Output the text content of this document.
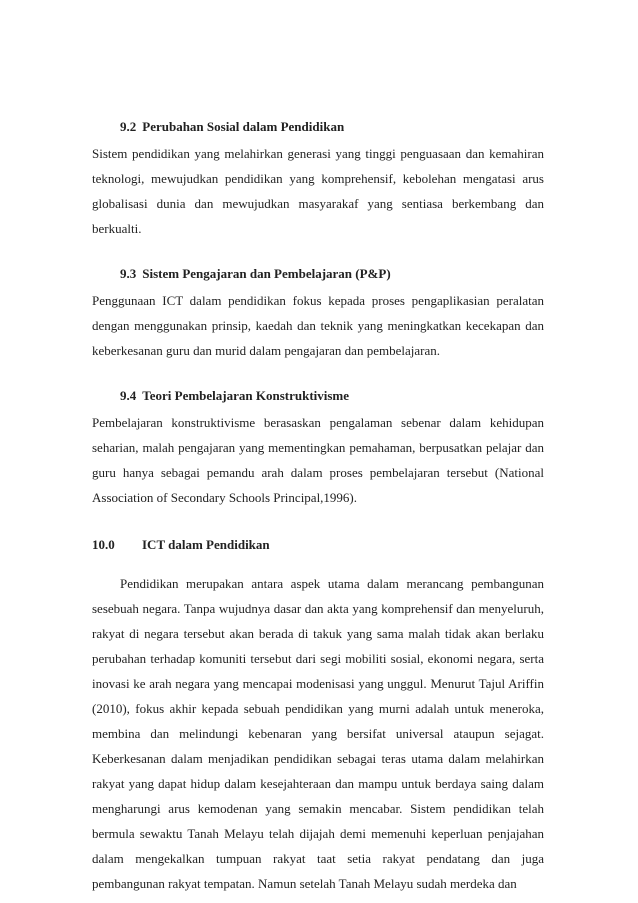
9.2 Perubahan Sosial dalam Pendidikan

Sistem pendidikan yang melahirkan generasi yang tinggi penguasaan dan kemahiran teknologi, mewujudkan pendidikan yang komprehensif, kebolehan mengatasi arus globalisasi dunia dan mewujudkan masyarakaf yang sentiasa berkembang dan berkualti.

9.3 Sistem Pengajaran dan Pembelajaran (P&P)

Penggunaan ICT dalam pendidikan fokus kepada proses pengaplikasian peralatan dengan menggunakan prinsip, kaedah dan teknik yang meningkatkan kecekapan dan keberkesanan guru dan murid dalam pengajaran dan pembelajaran.

9.4 Teori Pembelajaran Konstruktivisme

Pembelajaran konstruktivisme berasaskan pengalaman sebenar dalam kehidupan seharian, malah pengajaran yang mementingkan pemahaman, berpusatkan pelajar dan guru hanya sebagai pemandu arah dalam proses pembelajaran tersebut (National Association of Secondary Schools Principal,1996).

10.0 ICT dalam Pendidikan

Pendidikan merupakan antara aspek utama dalam merancang pembangunan sesebuah negara. Tanpa wujudnya dasar dan akta yang komprehensif dan menyeluruh, rakyat di negara tersebut akan berada di takuk yang sama malah tidak akan berlaku perubahan terhadap komuniti tersebut dari segi mobiliti sosial, ekonomi negara, serta inovasi ke arah negara yang mencapai modenisasi yang unggul. Menurut Tajul Ariffin (2010), fokus akhir kepada sebuah pendidikan yang murni adalah untuk meneroka, membina dan melindungi kebenaran yang bersifat universal ataupun sejagat. Keberkesanan dalam menjadikan pendidikan sebagai teras utama dalam melahirkan rakyat yang dapat hidup dalam kesejahteraan dan mampu untuk berdaya saing dalam mengharungi arus kemodenan yang semakin mencabar. Sistem pendidikan telah bermula sewaktu Tanah Melayu telah dijajah demi memenuhi keperluan penjajahan dalam mengekalkan tumpuan rakyat taat setia rakyat pendatang dan juga pembangunan rakyat tempatan. Namun setelah Tanah Melayu sudah merdeka dan
